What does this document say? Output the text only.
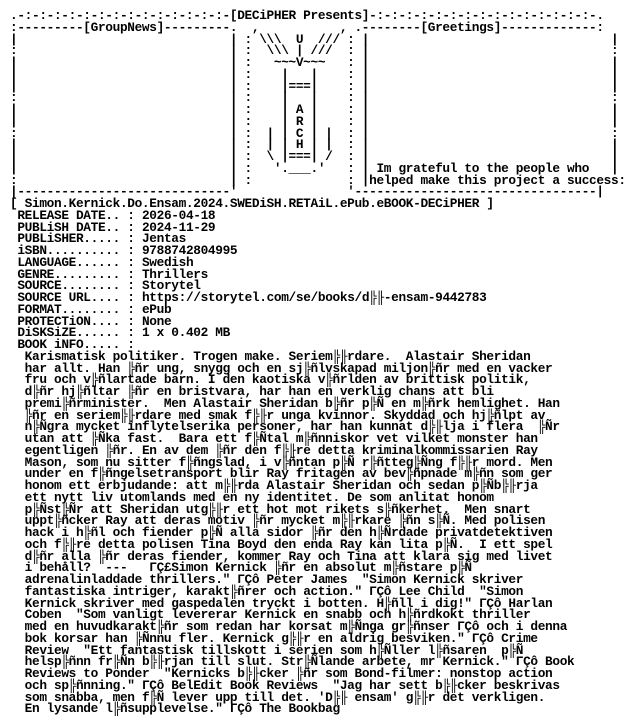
.-:-:-:-:-:-:-:-:-:-:-:-:-:-:-[DECiPHER Presents]-:-:-:-:-:-:-:-:-:-:-:-:-:-:-:-.
:---------[GroupNews]---------.  ,           , .--------[Greetings]-------------:
|                             | : \\\  U  /// : |                                 |
:                             | :  \\\ | ///  : |                                 :
|                             | :   ~~~V~~~   : |                                 |
|                             | :    |   |    : |                                 |
|                             | :    |===|    : |                                 |
:                             | :    |   |    : |                                 :
|                             | :    | A |    : |                                 |
|                             | :    | R |    : |                                 |
:                             | :  | | C | |  : |                                 :
|                             | :  | | H | |  : |                                 |
|                             | :  \ |===| /  : |                                 |
|                             | :   '.___.'   : | Im grateful to the people who   |
:                             | :             : |helped make this project a success:
|-----------------------------'               '---------------------------------|
[ Simon.Kernick.Do.Ensam.2024.SWEDiSH.RETAiL.ePub.eBOOK-DECiPHER ]
RELEASE DATE.. : 2026-04-18
PUBLiSH DATE.. : 2024-11-29
PUBLiSHER..... : Jentas
iSBN.......... : 9788742804995
LANGUAGE...... : Swedish
GENRE......... : Thrillers
SOURCE........ : Storytel
SOURCE URL.... : https://storytel.com/se/books/d╠╟-ensam-9442783
FORMAT........ : ePub
PROTECTiON.... : None
DiSKSiZE...... : 1 x 0.402 MB
BOOK iNFO..... :
Karismatisk politiker. Trogen make. Seriem╠╟rdare.  Alastair Sheridan
har allt. Han ╠ñr ung, snygg och en sj╠ñlvskapad miljon╠ñr med en vacker
fru och v╠ñlartade barn. I den kaotiska v╠ñrlden av brittisk politik,
d╠ñr hj╠ñltar ╠ñr en bristvara, har han en verklig chans att bli
premi╠ñrminister.  Men Alastair Sheridan b╠ñr p╠Ñ en m╠ñrk hemlighet. Han
╠ñr en seriem╠╟rdare med smak f╠╟r unga kvinnor. Skyddad och hj╠ñlpt av
n╠Ñgra mycket inflytelserika personer, har han kunnat d╠╟lja i flera  ╠Ñr
utan att ╠Ñka fast.  Bara ett f╠Ñtal m╠ñnniskor vet vilket monster han
egentligen ╠ñr. En av dem ╠ñr den f╠╟re detta kriminalkommissarien Ray
Mason, som nu sitter f╠ñngslad, i v╠ñntan p╠Ñ r╠ñtteg╠Ñng f╠╟r mord. Men
under en f╠ñngelsetransport blir Ray fritagen av bev╠ñpnade m╠ñn som ger
honom ett erbjudande: att m╠╟rda Alastair Sheridan och sedan p╠Ñb╠╟rja
ett nytt liv utomlands med en ny identitet. De som anlitat honom
p╠Ñst╠Ñr att Sheridan utg╠╟r ett hot mot rikets s╠ñkerhet.  Men snart
uppt╠ñcker Ray att deras motiv ╠ñr mycket m╠╟rkare ╠ñn s╠Ñ. Med polisen
hack i h╠ñl och fiender p╠Ñ alla sidor ╠ñr den h╠Ñrdade privatdetektiven
och f╠╟re detta polisen Tina Boyd den enda Ray kan lita p╠Ñ.  I ett spel
d╠ñr alla ╠ñr deras fiender, kommer Ray och Tina att klara sig med livet
i behåll?  ---   ΓÇ£Simon Kernick ╠ñr en absolut m╠ñstare p╠Ñ
adrenalinladdade thrillers." ΓÇô Peter James  "Simon Kernick skriver
fantastiska intriger, karakt╠ñrer och action." ΓÇô Lee Child  "Simon
Kernick skriver med gaspedalen tryckt i botten. H╠ñll i dig!" ΓÇô Harlan
Coben  "Som vanligt levererar Kernick en snabb och h╠ñrdkokt thriller
med en huvudkarakt╠ñr som redan har korsat m╠Ñnga gr╠ñnser ΓÇô och i denna
bok korsar han ╠Ñnnu fler. Kernick g╠╟r en aldrig besviken." ΓÇô Crime
Review  "Ett fantastisk tillskott i serien som h╠Ñller l╠ñsaren  p╠Ñ
helsp╠ñnn fr╠Ñn b╠╟rjan till slut. Str╠Ñlande arbete, mr Kernick." ΓÇô Book
Reviews to Ponder  "Kernicks b╠╟cker ╠ñr som Bond-filmer: nonstop action
och sp╠ñnning." ΓÇô BelEdit Book Reviews  "Jag har sett b╠╟cker beskrivas
som snabba, men f╠Ñ lever upp till det. 'D╠╟ ensam' g╠╟r det verkligen.
En lysande l╠ñsupplevelse." ΓÇô The Bookbag
